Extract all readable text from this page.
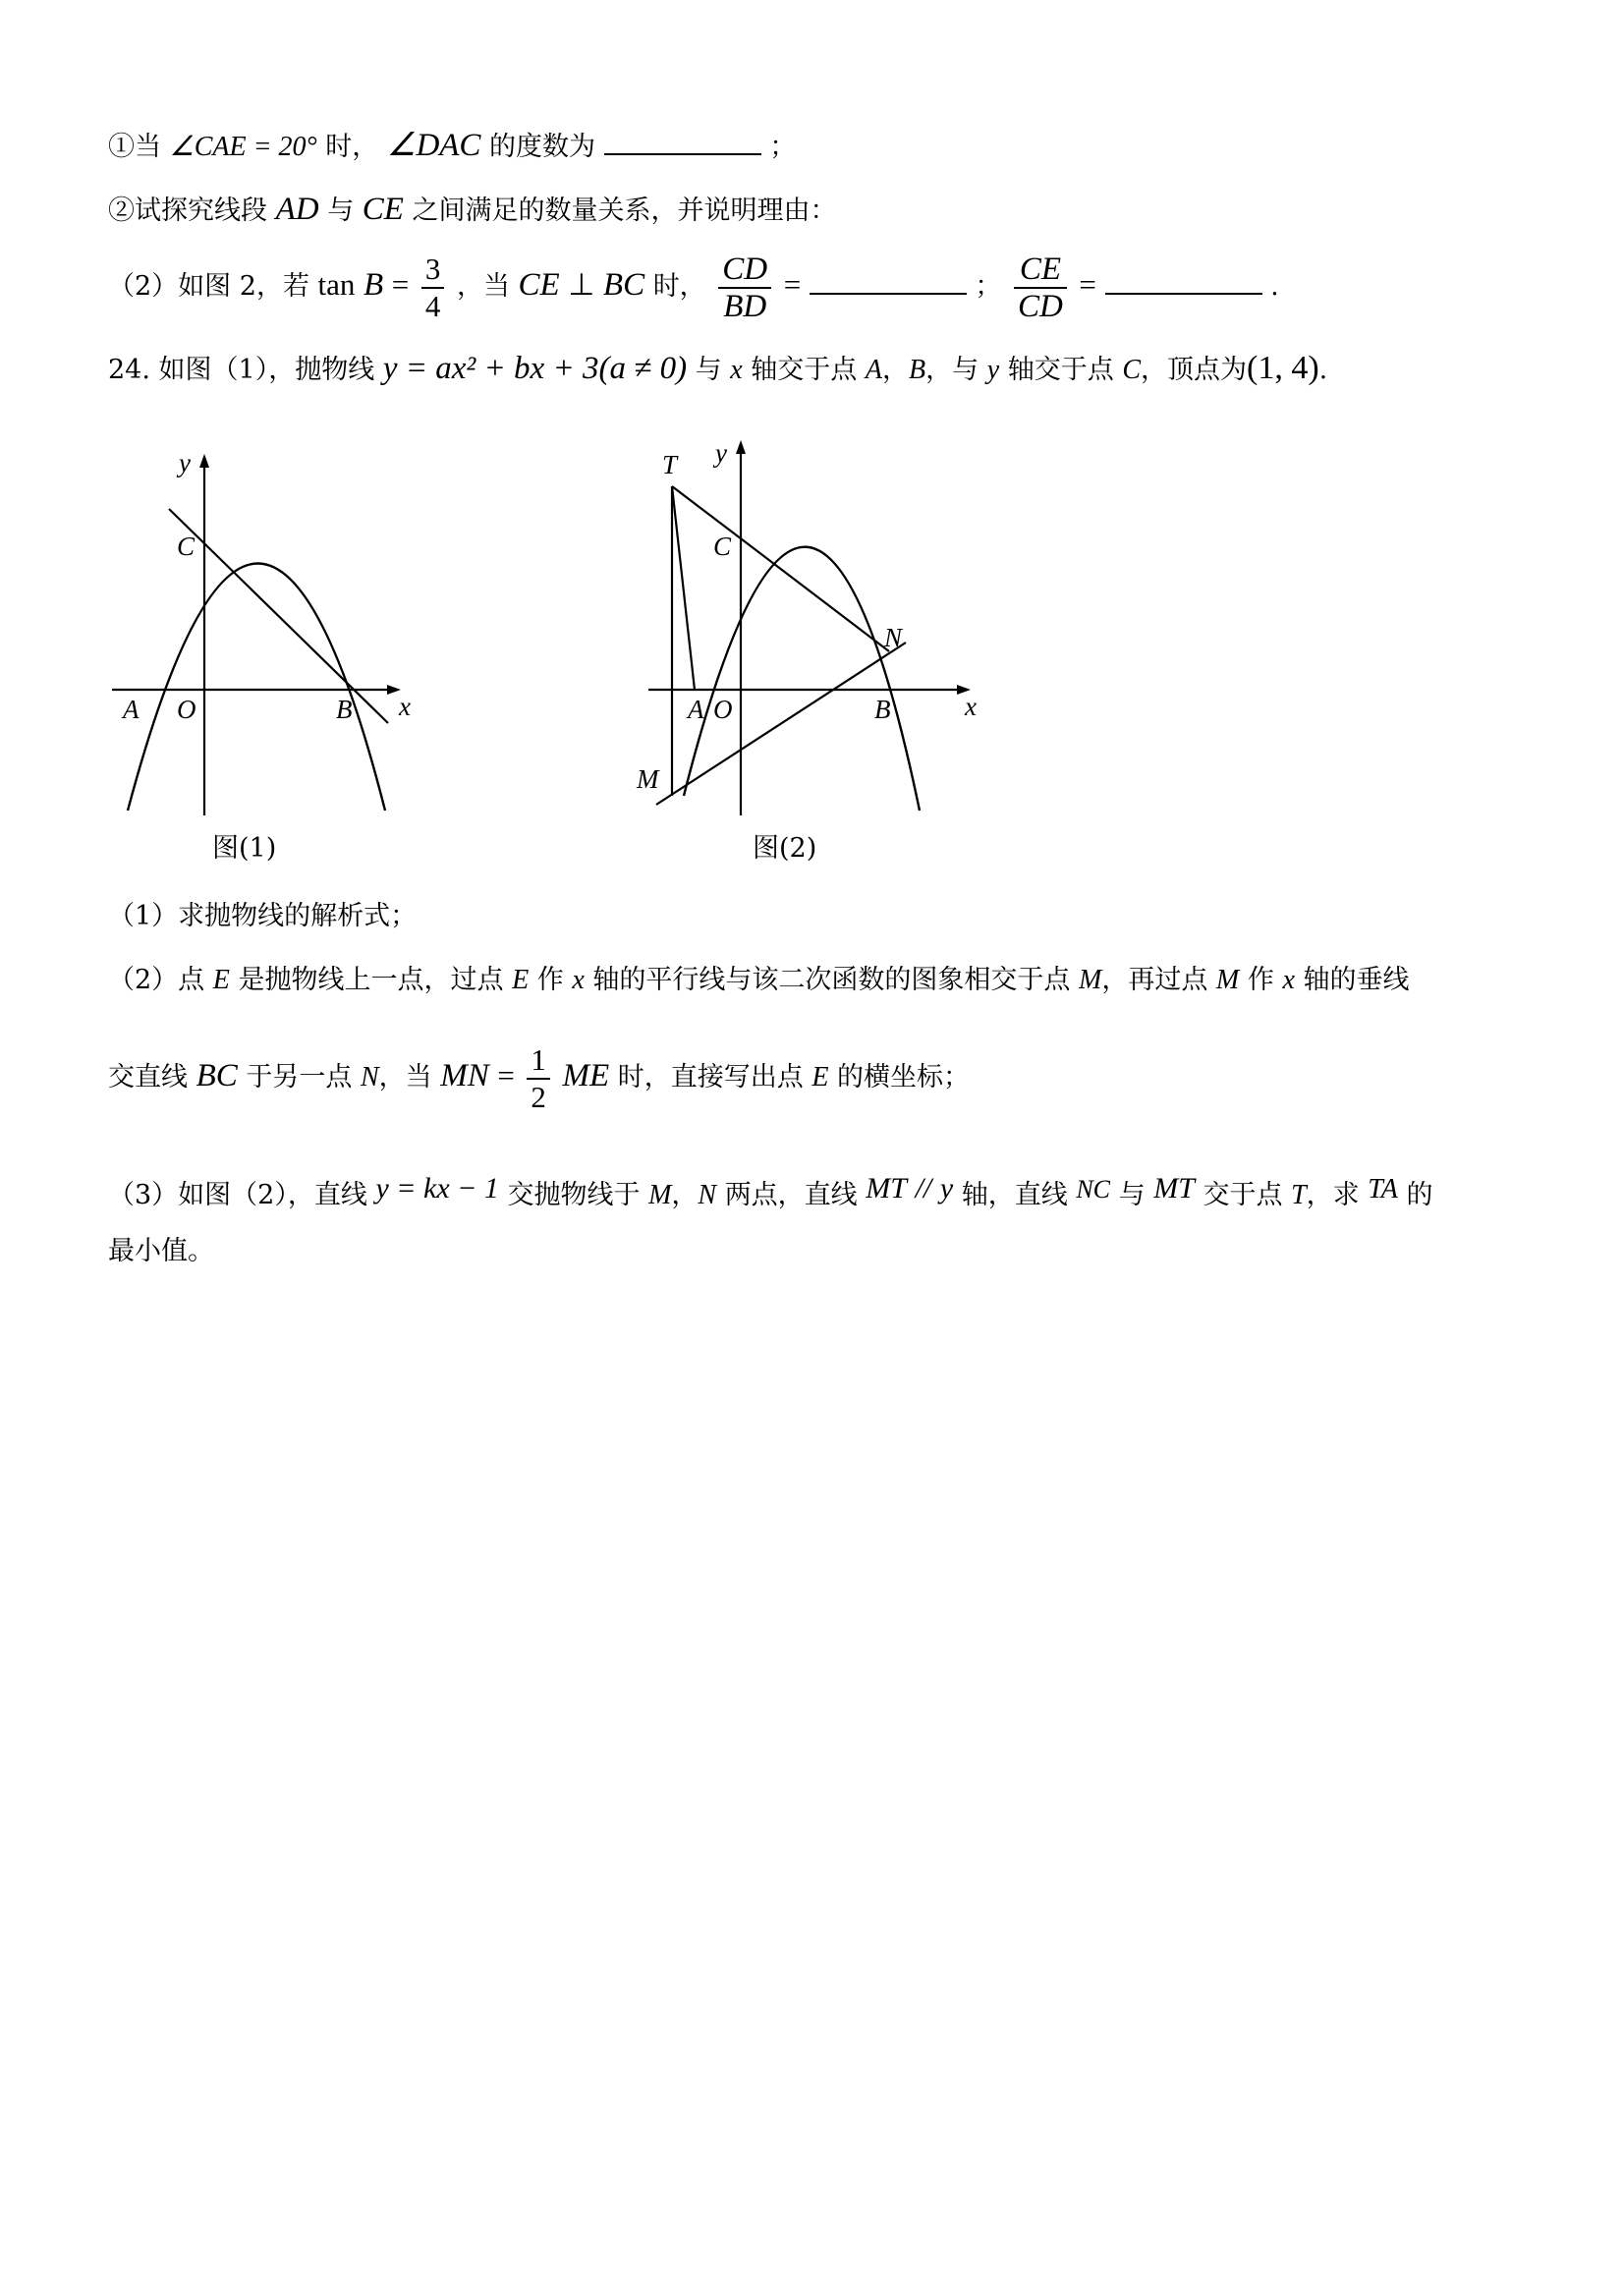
①当 ∠CAE = 20° 时， ∠DAC 的度数为	；
②试探究线段 AD 与 CE 之间满足的数量关系，并说明理由：
（2）如图 2，若 $\tan B = \frac{3}{4}$ ，当 CE ⊥ BC 时， $\frac{CD}{BD}$ =	； $\frac{CE}{CD}$ =	.
24. 如图（1），抛物线 y = ax² + bx + 3(a ≠ 0) 与 x 轴交于点 A，B，与 y 轴交于点 C，顶点为(1, 4).
y
x
C
A O	B
图(1)
y
x
T
C
N
A O	B
M
图(2)
（1）求抛物线的解析式；
（2）点 E 是抛物线上一点，过点 E 作 x 轴的平行线与该二次函数的图象相交于点 M，再过点 M 作 x 轴的垂线
交直线 BC 于另一点 N，当 MN = $\frac{1}{2}$ ME 时，直接写出点 E 的横坐标；
（3）如图（2），直线 y = kx − 1 交抛物线于 M，N 两点，直线 MT // y 轴，直线 NC 与 MT 交于点 T，求 TA 的
最小值。
